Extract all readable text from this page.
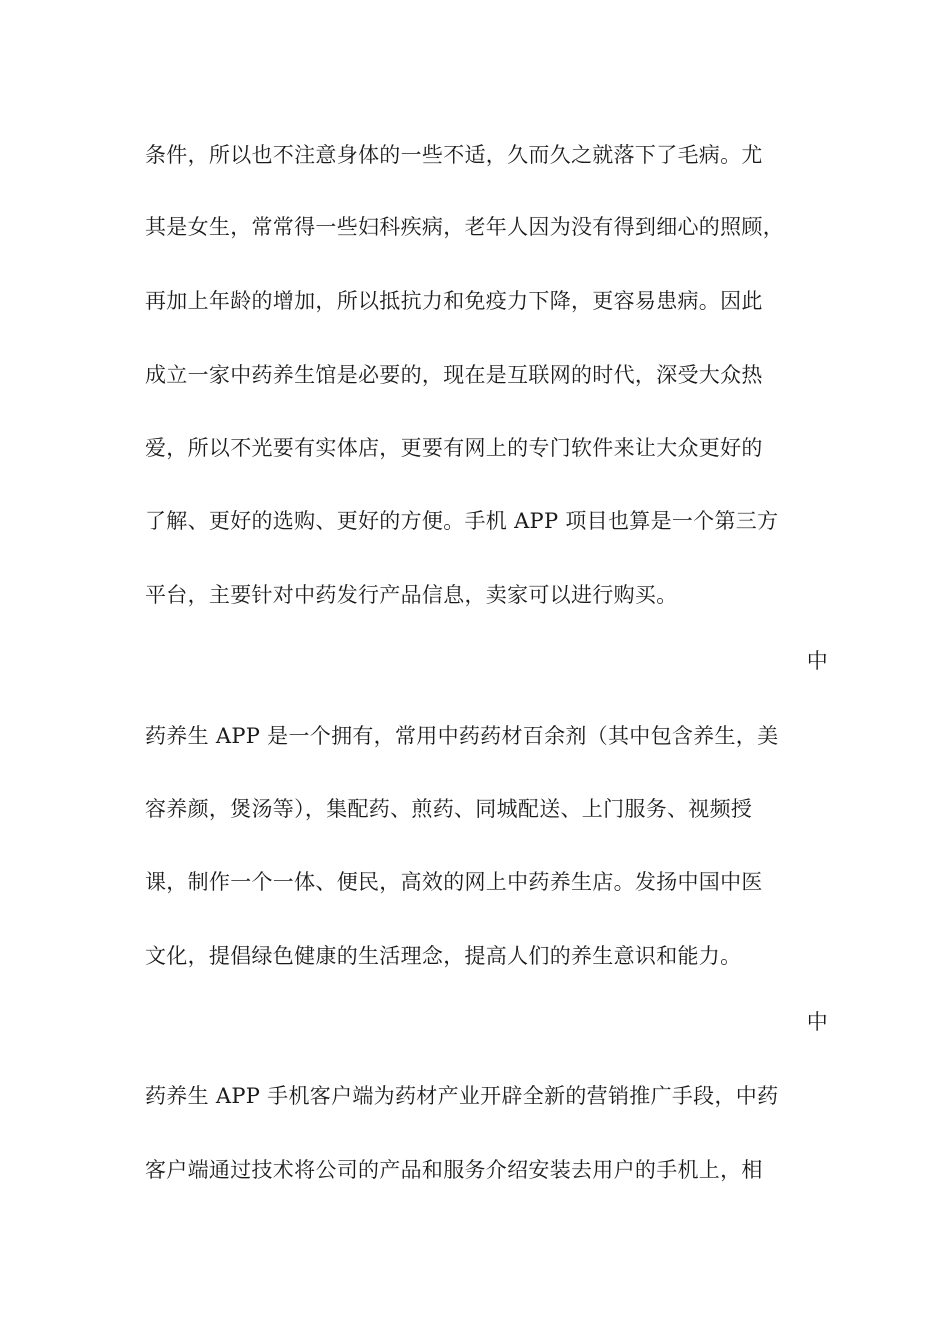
条件，所以也不注意身体的一些不适，久而久之就落下了毛病。尤
其是女生，常常得一些妇科疾病，老年人因为没有得到细心的照顾，
再加上年龄的增加，所以抵抗力和免疫力下降，更容易患病。因此
成立一家中药养生馆是必要的，现在是互联网的时代，深受大众热
爱，所以不光要有实体店，更要有网上的专门软件来让大众更好的
了解、更好的选购、更好的方便。手机 APP 项目也算是一个第三方
平台，主要针对中药发行产品信息，卖家可以进行购买。
中
药养生 APP 是一个拥有，常用中药药材百余剂（其中包含养生，美
容养颜，煲汤等），集配药、煎药、同城配送、上门服务、视频授
课，制作一个一体、便民，高效的网上中药养生店。发扬中国中医
文化，提倡绿色健康的生活理念，提高人们的养生意识和能力。
中
药养生 APP 手机客户端为药材产业开辟全新的营销推广手段，中药
客户端通过技术将公司的产品和服务介绍安装去用户的手机上，相
